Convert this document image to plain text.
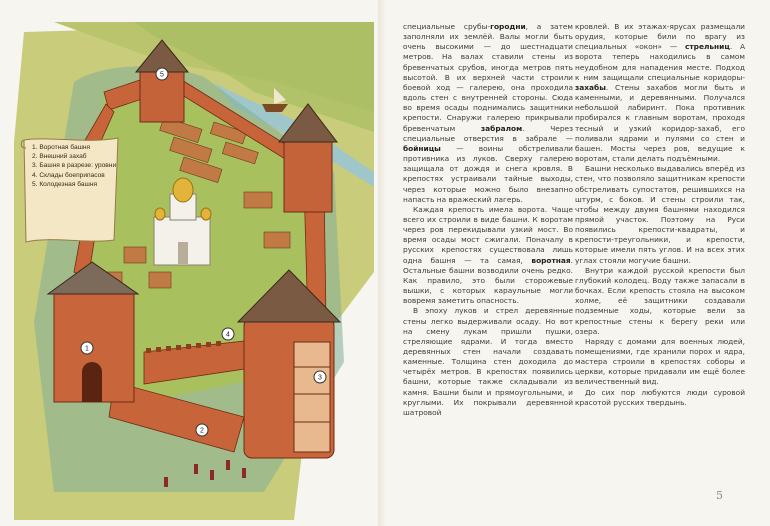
5
1
2
3
4
1. Воротная башня
2. Внешний захаб
3. Башня в разрезе: уровни
4. Склады боеприпасов
5. Колодезная башня

специальные срубы-городни, а затем заполняли их землёй. Валы могли быть очень высокими — до шестнадцати метров. На валах ставили стены из бревенчатых срубов, иногда метров пять высотой. В их верхней части строили боевой ход — галерею, она проходила вдоль стен с внутренней стороны. Сюда во время осады поднимались защитники крепости. Снаружи галерею прикрывали бревенчатым забралом. Через специальные отверстия в забрале — бойницы — воины обстреливали противника из луков. Сверху галерею защищала от дождя и снега кровля. В крепостях устраивали тайные выходы, через которые можно было внезапно напасть на вражеский лагерь.

Каждая крепость имела ворота. Чаще всего их строили в виде башни. К воротам через ров перекидывали узкий мост. Во время осады мост сжигали. Поначалу в русских крепостях существовала лишь одна башня — та самая, воротная. Остальные башни возводили очень редко. Как правило, это были сторожевые вышки, с которых караульные могли вовремя заметить опасность.

В эпоху луков и стрел деревянные стены легко выдерживали осаду. Но вот на смену лукам пришли пушки, стреляющие ядрами. И тогда вместо деревянных стен начали создавать каменные. Толщина стен доходила до четырёх метров. В крепостях появились башни, которые также складывали из камня. Башни были и прямоугольными, и круглыми. Их покрывали деревянной шатровой

кровлей. В их этажах-ярусах размещали орудия, которые били по врагу из специальных «окон» — стрельниц. А ворота теперь находились в самом неудобном для нападения месте. Подход к ним защищали специальные коридоры-захабы. Стены захабов могли быть и каменными, и деревянными. Получался небольшой лабиринт. Пока противник пробирался к главным воротам, проходя тесный и узкий коридор-захаб, его поливали ядрами и пулями со стен и башен. Мосты через ров, ведущие к воротам, стали делать подъёмными.

Башни несколько выдавались вперёд из стен, что позволяло защитникам крепости обстреливать супостатов, решившихся на штурм, с боков. И стены строили так, чтобы между двумя башнями находился прямой участок. Поэтому на Руси появились крепости-квадраты, и крепости-треугольники, и крепости, которые имели пять углов. И на всех этих углах стояли могучие башни.

Внутри каждой русской крепости был глубокий колодец. Воду также запасали в бочках. Если крепость стояла на высоком холме, её защитники создавали подземные ходы, которые вели за крепостные стены к берегу реки или озера.

Наряду с домами для военных людей, помещениями, где хранили порох и ядра, мастера строили в крепостях соборы и церкви, которые придавали им ещё более величественный вид.

До сих пор любуются люди суровой красотой русских твердынь.

5
